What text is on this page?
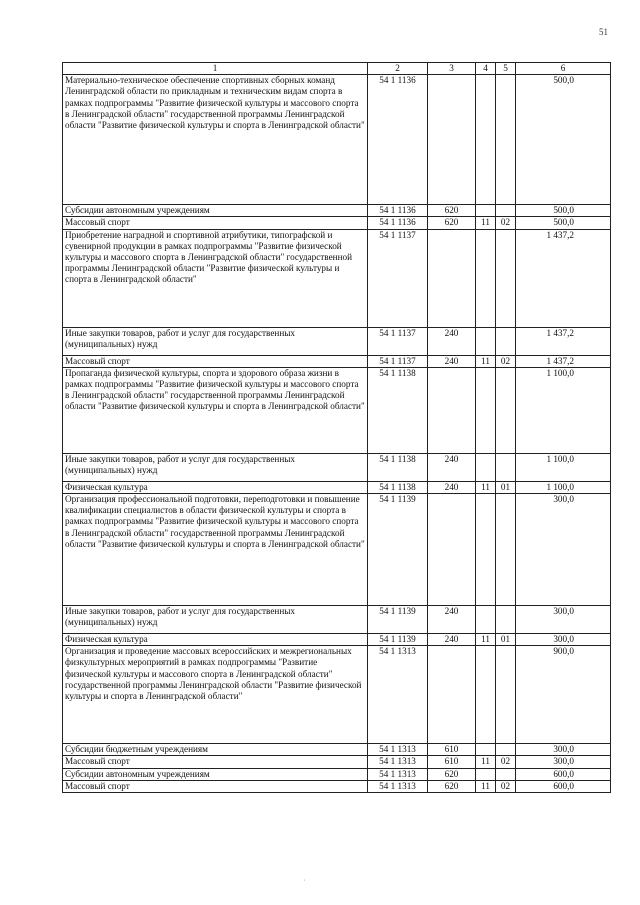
51
1	2	3	4	5	6
Материально-техническое обеспечение спортивных сборных команд Ленинградской области по прикладным и техническим видам спорта в рамках подпрограммы "Развитие физической культуры и массового спорта в Ленинградской области" государственной программы Ленинградской области "Развитие физической культуры и спорта в Ленинградской области"	54 1 1136				500,0
Субсидии автономным учреждениям	54 1 1136	620			500,0
Массовый спорт	54 1 1136	620	11	02	500,0
Приобретение наградной и спортивной атрибутики, типографской и сувенирной продукции в рамках подпрограммы "Развитие физической культуры и массового спорта в Ленинградской области" государственной программы Ленинградской области "Развитие физической культуры и спорта в Ленинградской области"	54 1 1137				1 437,2
Иные закупки товаров, работ и услуг для государственных (муниципальных) нужд	54 1 1137	240			1 437,2
Массовый спорт	54 1 1137	240	11	02	1 437,2
Пропаганда физической культуры, спорта и здорового образа жизни в рамках подпрограммы "Развитие физической культуры и массового спорта в Ленинградской области" государственной программы Ленинградской области "Развитие физической культуры и спорта в Ленинградской области"	54 1 1138				1 100,0
Иные закупки товаров, работ и услуг для государственных (муниципальных) нужд	54 1 1138	240			1 100,0
Физическая культура	54 1 1138	240	11	01	1 100,0
Организация профессиональной подготовки, переподготовки и повышение квалификации специалистов в области физической культуры и спорта в рамках подпрограммы "Развитие физической культуры и массового спорта в Ленинградской области" государственной программы Ленинградской области "Развитие физической культуры и спорта в Ленинградской области"	54 1 1139				300,0
Иные закупки товаров, работ и услуг для государственных (муниципальных) нужд	54 1 1139	240			300,0
Физическая культура	54 1 1139	240	11	01	300,0
Организация и проведение массовых всероссийских и межрегиональных физкультурных мероприятий в рамках подпрограммы "Развитие физической культуры и массового спорта в Ленинградской области" государственной программы Ленинградской области "Развитие физической культуры и спорта в Ленинградской области"	54 1 1313				900,0
Субсидии бюджетным учреждениям	54 1 1313	610			300,0
Массовый спорт	54 1 1313	610	11	02	300,0
Субсидии автономным учреждениям	54 1 1313	620			600,0
Массовый спорт	54 1 1313	620	11	02	600,0
˙
